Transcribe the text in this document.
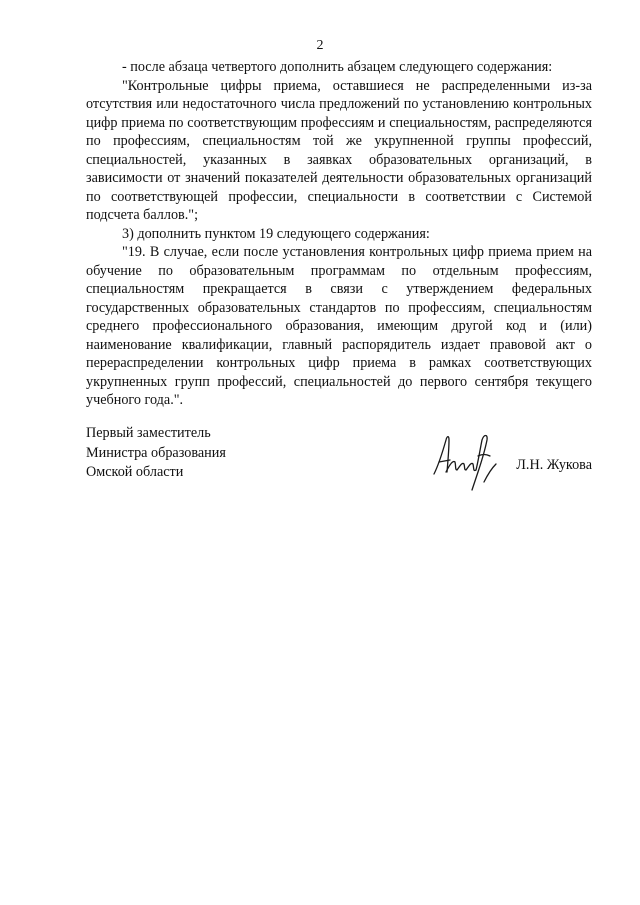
2

- после абзаца четвертого дополнить абзацем следующего содержания:

"Контрольные цифры приема, оставшиеся не распределенными из-за отсутствия или недостаточного числа предложений по установлению контрольных цифр приема по соответствующим профессиям и специальностям, распределяются по профессиям, специальностям той же укрупненной группы профессий, специальностей, указанных в заявках образовательных организаций, в зависимости от значений показателей деятельности образовательных организаций по соответствующей профессии, специальности в соответствии с Системой подсчета баллов.";

3) дополнить пунктом 19 следующего содержания:

"19. В случае, если после установления контрольных цифр приема прием на обучение по образовательным программам по отдельным профессиям, специальностям прекращается в связи с утверждением федеральных государственных образовательных стандартов по профессиям, специальностям среднего профессионального образования, имеющим другой код и (или) наименование квалификации, главный распорядитель издает правовой акт о перераспределении контрольных цифр приема в рамках соответствующих укрупненных групп профессий, специальностей до первого сентября текущего учебного года.".

Первый заместитель
Министра образования
Омской области	Л.Н. Жукова
